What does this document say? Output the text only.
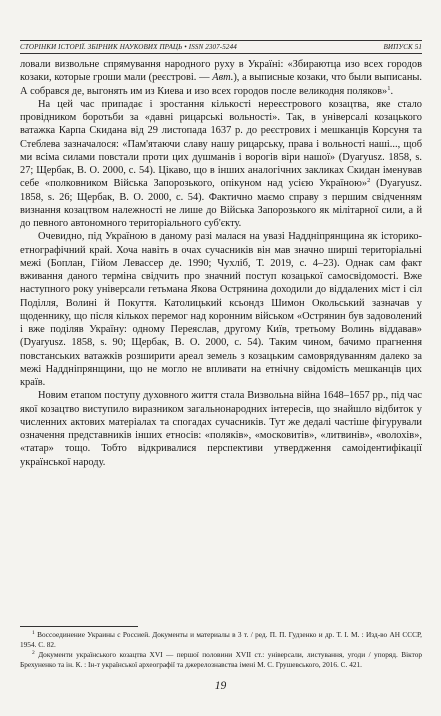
СТОРІНКИ ІСТОРІЇ. ЗБІРНИК НАУКОВИХ ПРАЦЬ • ISSN 2307-5244	ВИПУСК 51

ловали визвольне спрямування народного руху в Україні: «Збираютца изо всех городов козаки, которые гроши мали (реєстрові. — Авт.), а выписные козаки, что были выписаны. А собрався де, выгонять им из Киева и изо всех городов после великодня поляков»$^1$.

На цей час припадає і зростання кількості нереєстрового козацтва, яке стало провідником боротьби за «давні рицарські вольності». Так, в універсалі козацького ватажка Карпа Скидана від 29 листопада 1637 р. до реєстрових і мешканців Корсуня та Стеблева зазначалося: «Пам'ятаючи славу нашу рицарську, права і вольності наші..., щоб ми всіма силами повстали проти цих душманів і ворогів віри нашої» (Dyaryusz. 1858, s. 27; Щербак, В. О. 2000, с. 54). Цікаво, що в інших аналогічних закликах Скидан іменував себе «полковником Війська Запорозького, опікуном над усією Україною»$^2$ (Dyaryusz. 1858, s. 26; Щербак, В. О. 2000, с. 54). Фактично маємо справу з першим свідченням визнання козацтвом належності не лише до Війська Запорозького як мілітарної сили, а й до певного автономного територіального суб'єкту.

Очевидно, під Україною в даному разі малася на увазі Наддніпрянщина як історико-етнографічний край. Хоча навіть в очах сучасників він мав значно ширші територіальні межі (Боплан, Гійом Левассер де. 1990; Чухліб, Т. 2019, с. 4–23). Однак сам факт вживання даного терміна свідчить про значний поступ козацької самосвідомості. Вже наступного року універсали гетьмана Якова Острянина доходили до віддалених міст і сіл Поділля, Волині й Покуття. Католицький ксьондз Шимон Окольський зазначав у щоденнику, що після кількох перемог над коронним військом «Острянин був задоволений і вже поділяв Україну: одному Переяслав, другому Київ, третьому Волинь віддавав» (Dyaryusz. 1858, s. 90; Щербак, В. О. 2000, с. 54). Таким чином, бачимо прагнення повстанських ватажків розширити ареал земель з козацьким самоврядуванням далеко за межі Наддніпрянщини, що не могло не впливати на етнічну свідомість мешканців цих країв.

Новим етапом поступу духовного життя стала Визвольна війна 1648–1657 рр., під час якої козацтво виступило виразником загальнонародних інтересів, що знайшло відбиток у численних актових матеріалах та спогадах сучасників. Тут же дедалі частіше фігурували означення представників інших етносів: «поляків», «московитів», «литвинів», «волохів», «татар» тощо. Тобто відкривалися перспективи утвердження самоідентифікації української народу.

$^1$ Воссоединение Украины с Россией. Документы и материалы в 3 т. / ред. П. П. Гудзенко и др. Т. I. М. : Изд-во АН СССР, 1954. С. 82.

$^2$ Документи українського козацтва XVI — першої половини XVII ст.: універсали, листування, угоди / упоряд. Віктор Брехуненко та ін. К. : Ін-т української археографії та джерелознавства імені М. С. Грушевського, 2016. С. 421.

19
